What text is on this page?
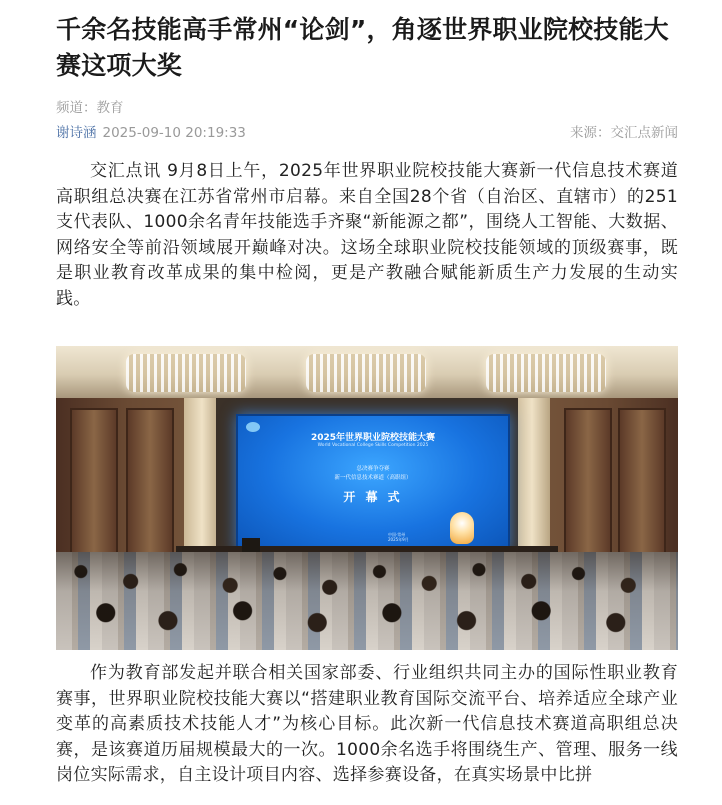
千余名技能高手常州“论剑”，角逐世界职业院校技能大赛这项大奖
频道：教育
谢诗涵 2025-09-10 20:19:33	来源：交汇点新闻

交汇点讯 9月8日上午，2025年世界职业院校技能大赛新一代信息技术赛道高职组总决赛在江苏省常州市启幕。来自全国28个省（自治区、直辖市）的251支代表队、1000余名青年技能选手齐聚“新能源之都”，围绕人工智能、大数据、网络安全等前沿领域展开巅峰对决。这场全球职业院校技能领域的顶级赛事，既是职业教育改革成果的集中检阅，更是产教融合赋能新质生产力发展的生动实践。

2025年世界职业院校技能大赛
World Vocational College Skills Competition 2025
总决赛争夺赛
新一代信息技术赛道（高职组）
开 幕 式
中国·常州
2025年9月

作为教育部发起并联合相关国家部委、行业组织共同主办的国际性职业教育赛事，世界职业院校技能大赛以“搭建职业教育国际交流平台、培养适应全球产业变革的高素质技术技能人才”为核心目标。此次新一代信息技术赛道高职组总决赛，是该赛道历届规模最大的一次。1000余名选手将围绕生产、管理、服务一线岗位实际需求，自主设计项目内容、选择参赛设备，在真实场景中比拼
